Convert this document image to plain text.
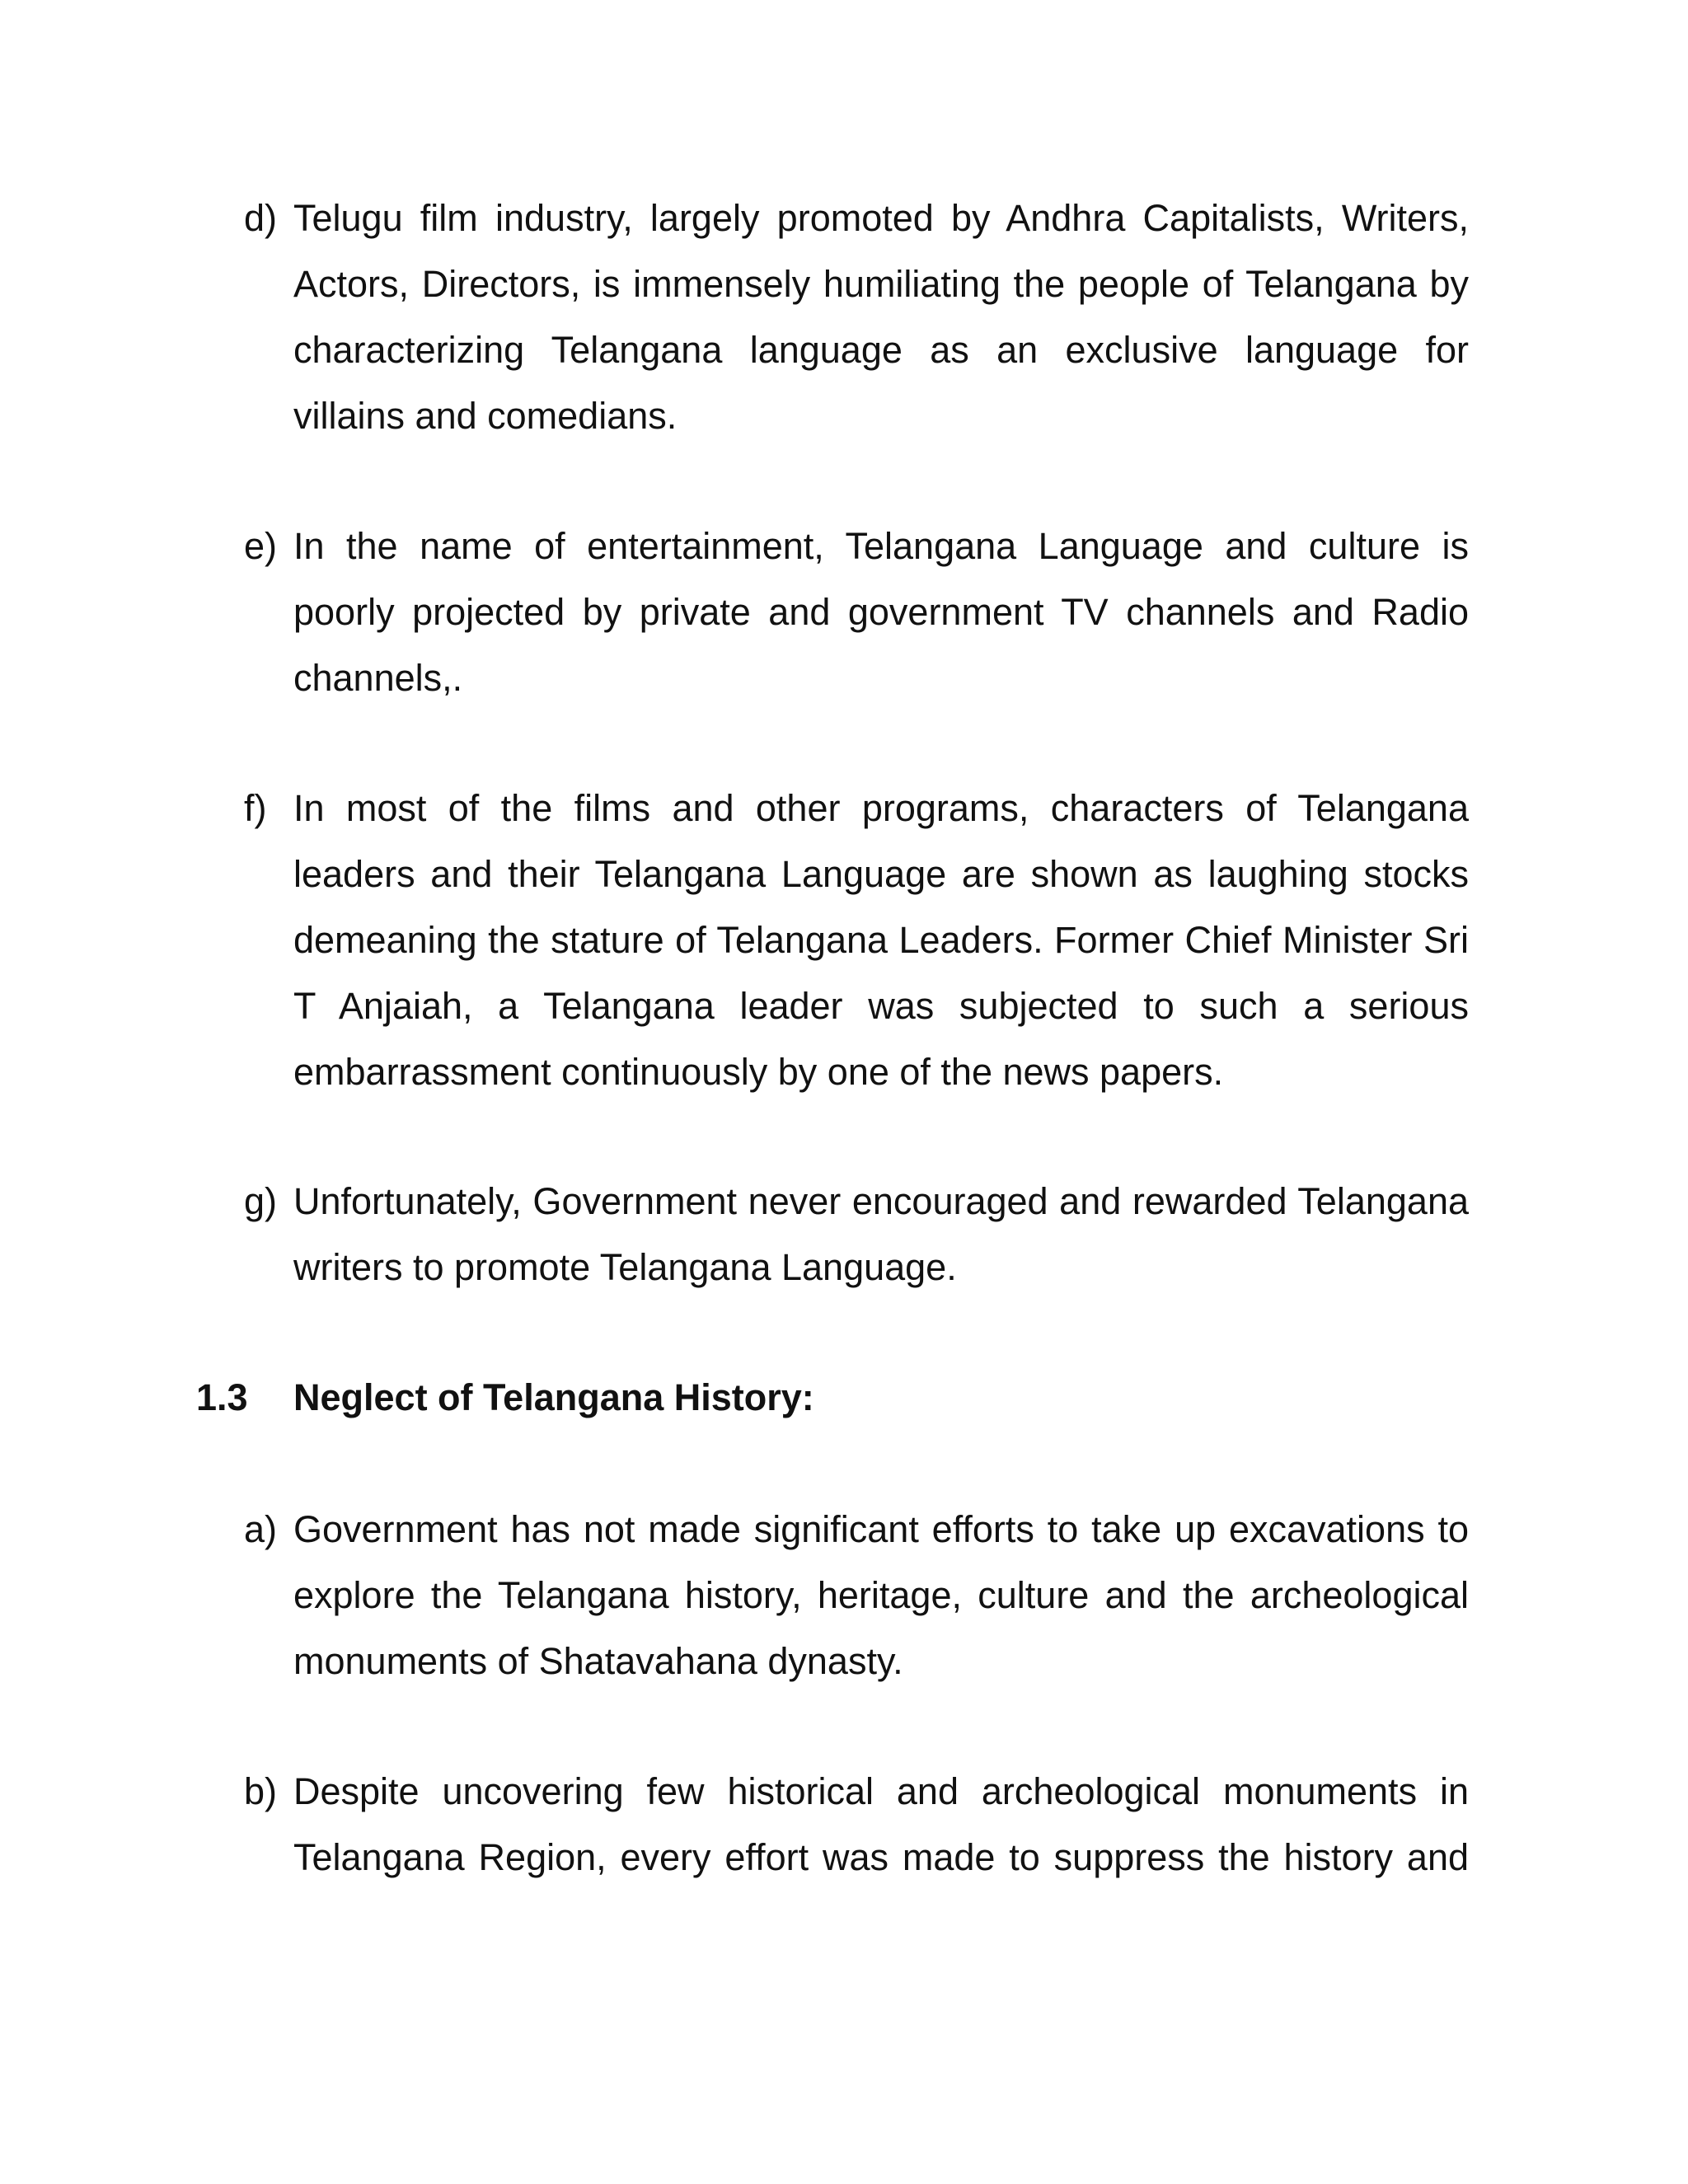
d) Telugu film industry, largely promoted by Andhra Capitalists, Writers, Actors, Directors, is immensely humiliating the people of Telangana by characterizing Telangana language as an exclusive language for villains and comedians.
e) In the name of entertainment, Telangana Language and culture is poorly projected by private and government TV channels and Radio channels,.
f) In most of the films and other programs, characters of Telangana leaders and their Telangana Language are shown as laughing stocks demeaning the stature of Telangana Leaders. Former Chief Minister Sri T Anjaiah, a Telangana leader was subjected to such a serious embarrassment continuously by one of the news papers.
g) Unfortunately, Government never encouraged and rewarded Telangana writers to promote Telangana Language.
1.3 Neglect of Telangana History:
a) Government has not made significant efforts to take up excavations to explore the Telangana history, heritage, culture and the archeological monuments of Shatavahana dynasty.
b) Despite uncovering few historical and archeological monuments in Telangana Region, every effort was made to suppress the history and
